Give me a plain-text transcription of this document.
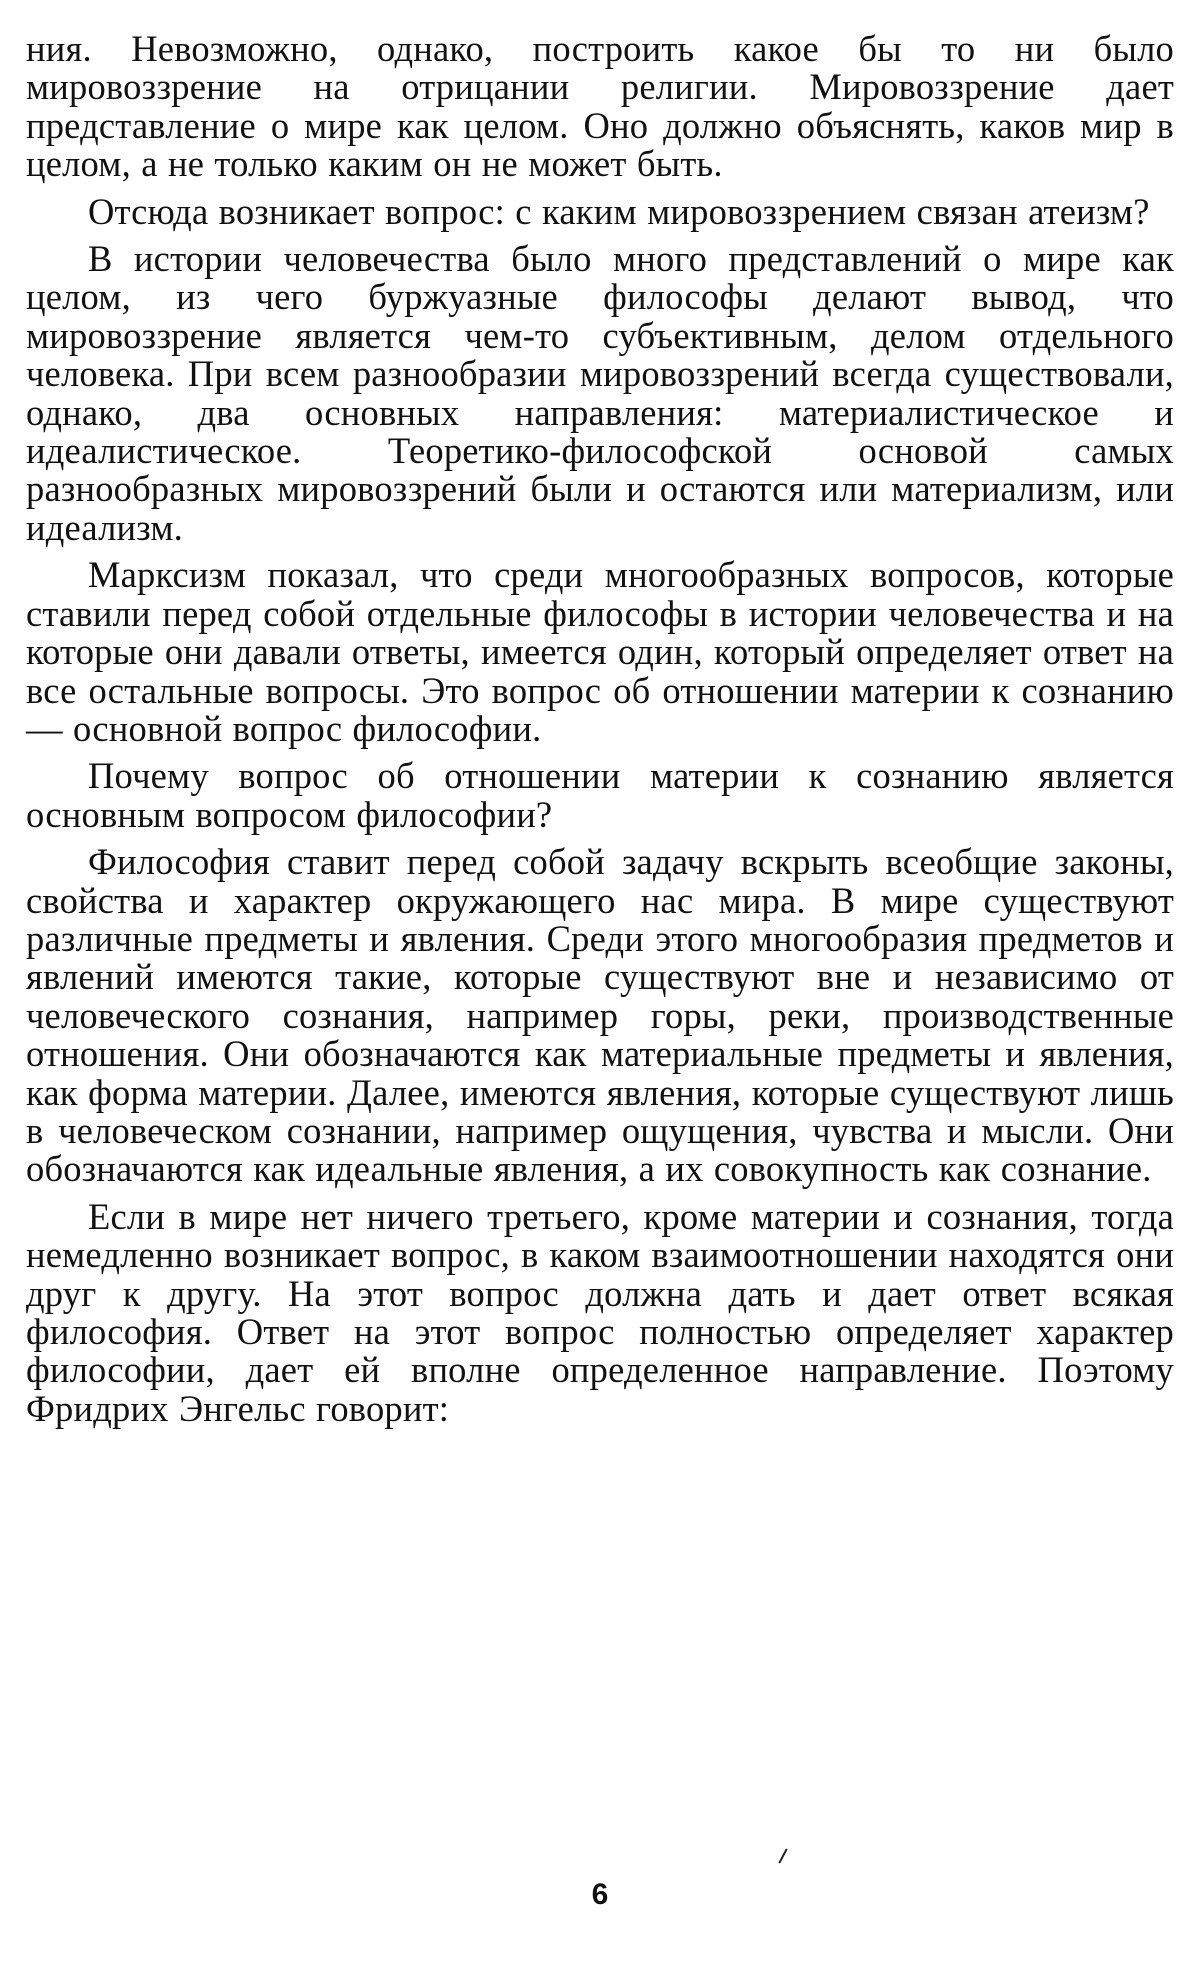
ния. Невозможно, однако, построить какое бы то ни было мировоззрение на отрицании религии. Мировоззрение дает представление о мире как целом. Оно должно объяснять, каков мир в целом, а не только каким он не может быть.

Отсюда возникает вопрос: с каким мировоззрением связан атеизм?

В истории человечества было много представлений о мире как целом, из чего буржуазные философы делают вывод, что мировоззрение является чем-то субъективным, делом отдельного человека. При всем разнообразии мировоззрений всегда существовали, однако, два основных направления: материалистическое и идеалистическое. Теоретико-философской основой самых разнообразных мировоззрений были и остаются или материализм, или идеализм.

Марксизм показал, что среди многообразных вопросов, которые ставили перед собой отдельные философы в истории человечества и на которые они давали ответы, имеется один, который определяет ответ на все остальные вопросы. Это вопрос об отношении материи к сознанию — основной вопрос философии.

Почему вопрос об отношении материи к сознанию является основным вопросом философии?

Философия ставит перед собой задачу вскрыть всеобщие законы, свойства и характер окружающего нас мира. В мире существуют различные предметы и явления. Среди этого многообразия предметов и явлений имеются такие, которые существуют вне и независимо от человеческого сознания, например горы, реки, производственные отношения. Они обозначаются как материальные предметы и явления, как форма материи. Далее, имеются явления, которые существуют лишь в человеческом сознании, например ощущения, чувства и мысли. Они обозначаются как идеальные явления, а их совокупность как сознание.

Если в мире нет ничего третьего, кроме материи и сознания, тогда немедленно возникает вопрос, в каком взаимоотношении находятся они друг к другу. На этот вопрос должна дать и дает ответ всякая философия. Ответ на этот вопрос полностью определяет характер философии, дает ей вполне определенное направление. Поэтому Фридрих Энгельс говорит:

6
